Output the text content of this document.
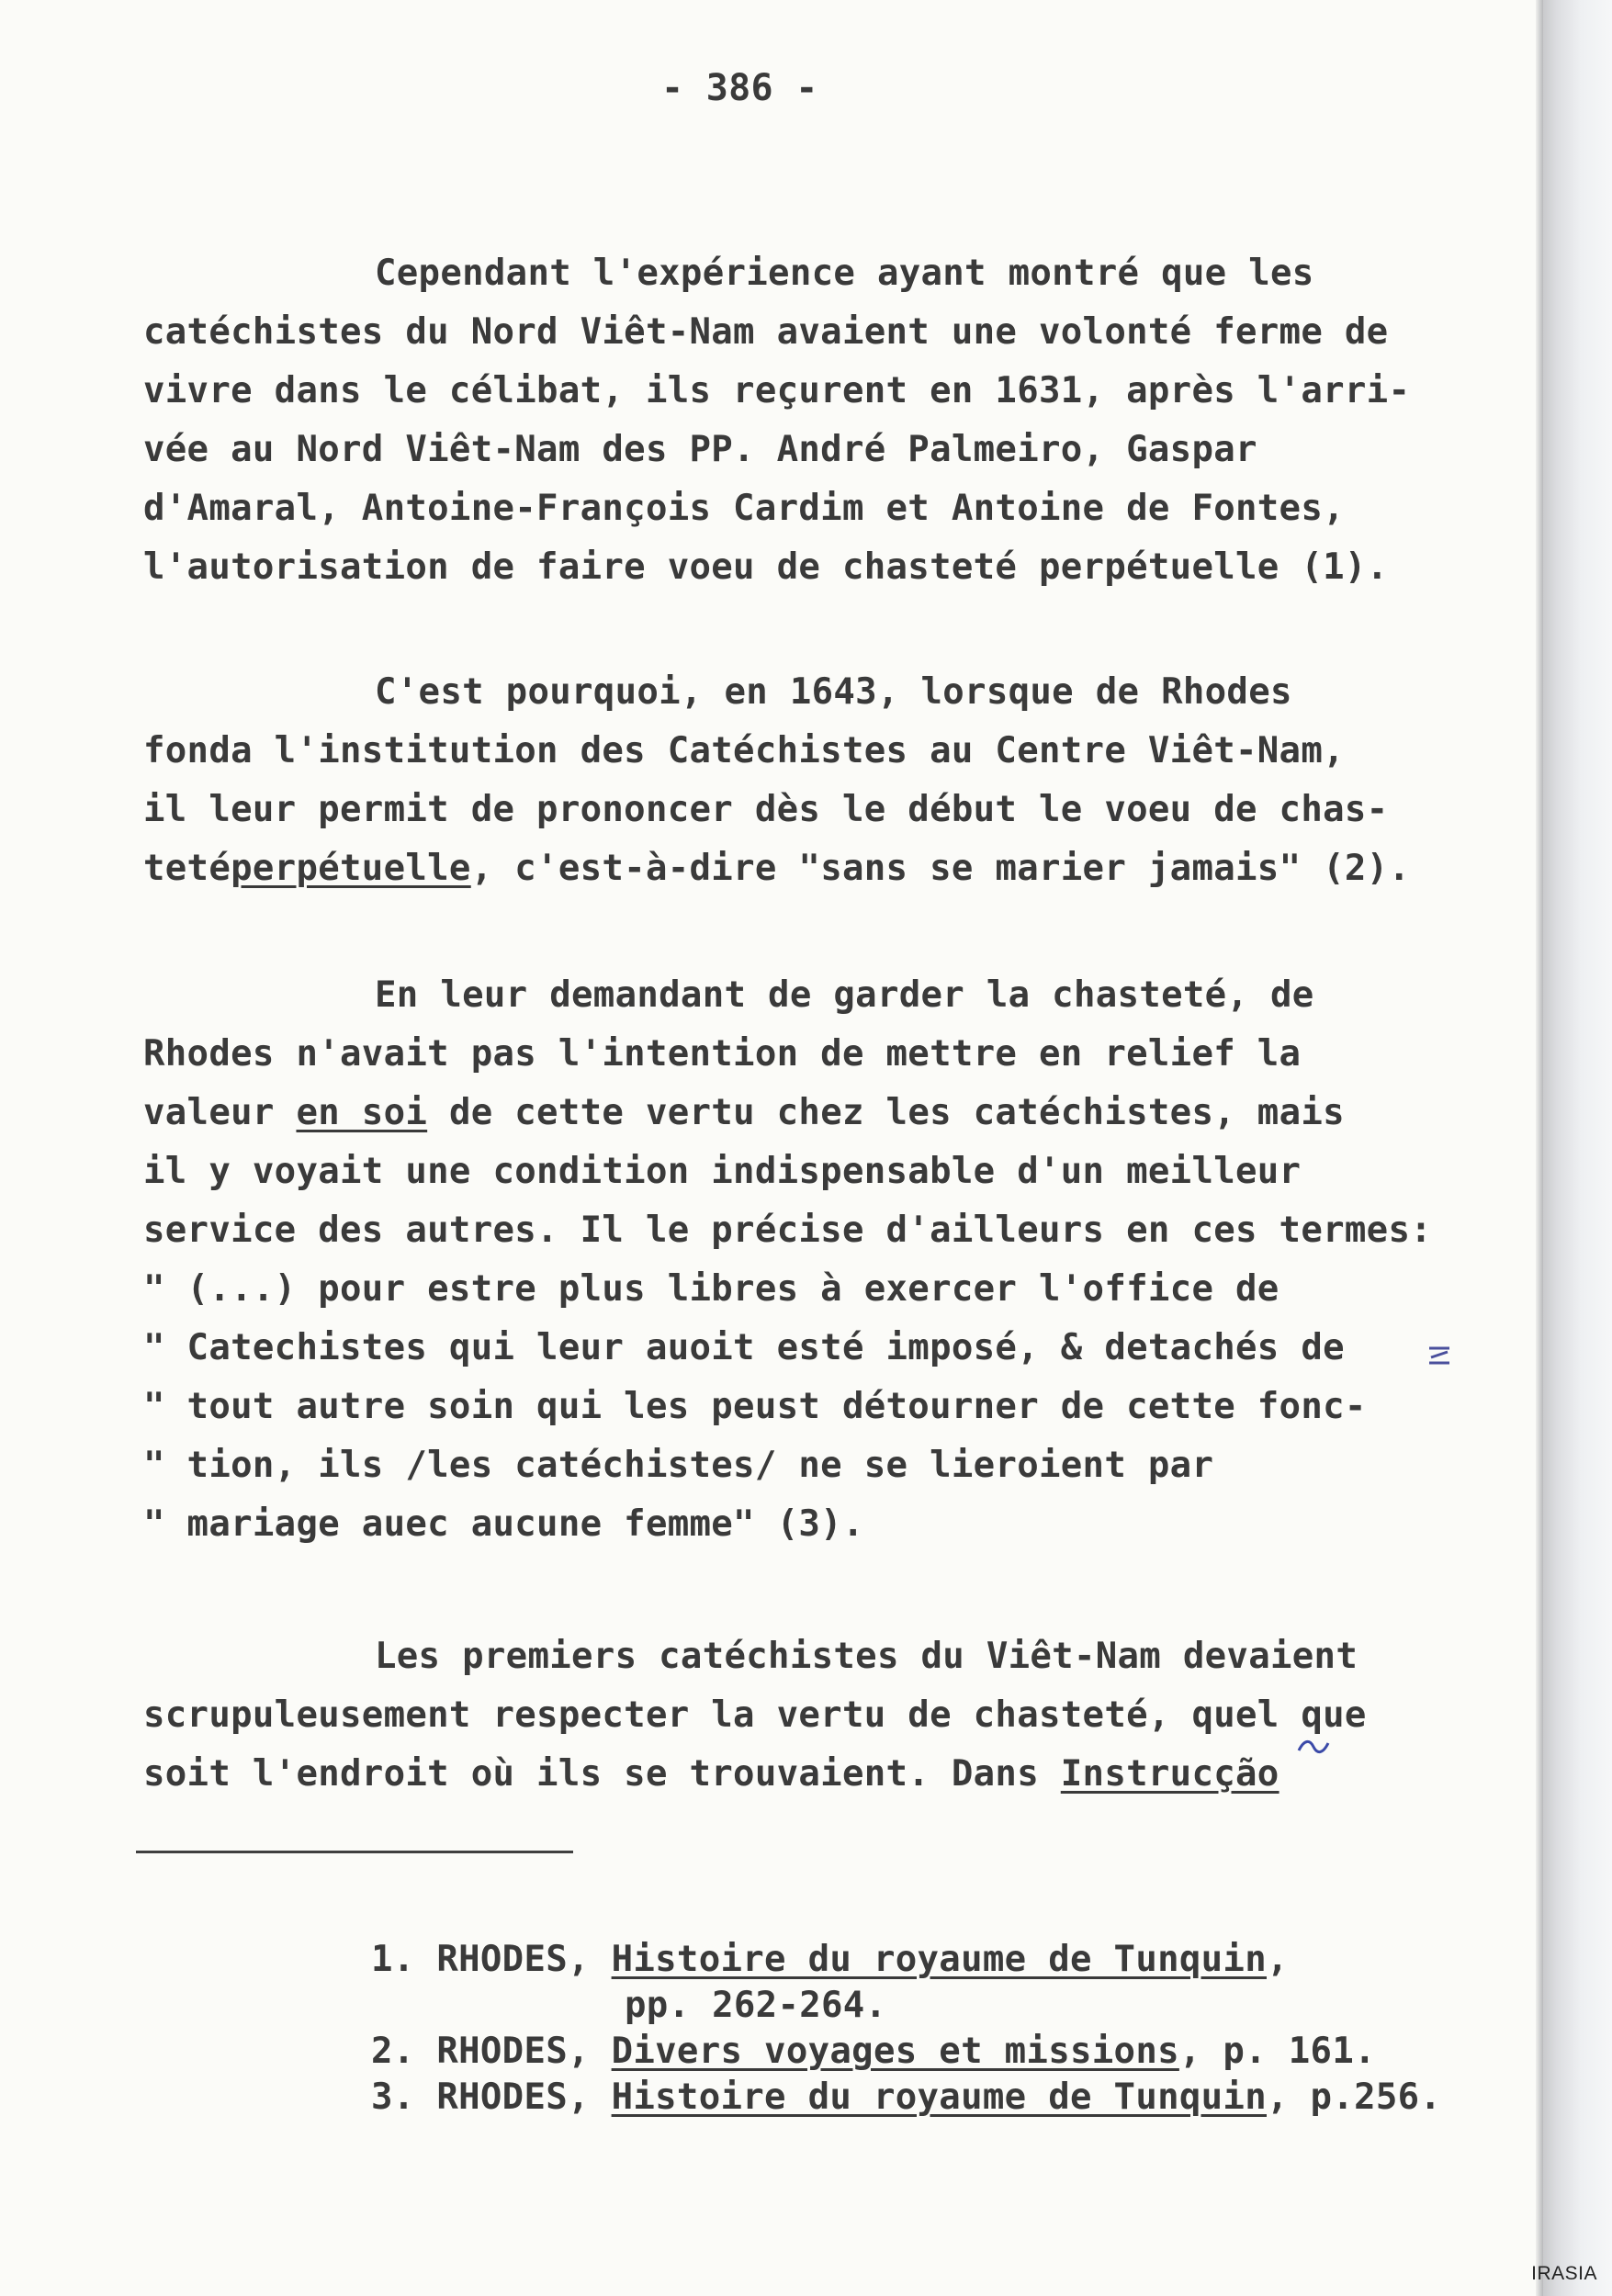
- 386 -
Cependant l'expérience ayant montré que les
catéchistes du Nord Viêt-Nam avaient une volonté ferme de
vivre dans le célibat, ils reçurent en 1631, après l'arri-
vée au Nord Viêt-Nam des PP. André Palmeiro, Gaspar
d'Amaral, Antoine-François Cardim et Antoine de Fontes,
l'autorisation de faire voeu de chasteté perpétuelle (1).
C'est pourquoi, en 1643, lorsque de Rhodes
fonda l'institution des Catéchistes au Centre Viêt-Nam,
il leur permit de prononcer dès le début le voeu de chas-
tetéperpétuelle, c'est-à-dire "sans se marier jamais" (2).
En leur demandant de garder la chasteté, de
Rhodes n'avait pas l'intention de mettre en relief la
valeur en soi de cette vertu chez les catéchistes, mais
il y voyait une condition indispensable d'un meilleur
service des autres. Il le précise d'ailleurs en ces termes:
" (...) pour estre plus libres à exercer l'office de
" Catechistes qui leur auoit esté imposé, & detachés de
" tout autre soin qui les peust détourner de cette fonc-
" tion, ils /les catéchistes/ ne se lieroient par
" mariage auec aucune femme" (3).
Les premiers catéchistes du Viêt-Nam devaient
scrupuleusement respecter la vertu de chasteté, quel que
soit l'endroit où ils se trouvaient. Dans Instrucção
1. RHODES, Histoire du royaume de Tunquin,
pp. 262-264.
2. RHODES, Divers voyages et missions, p. 161.
3. RHODES, Histoire du royaume de Tunquin, p.256.
IRASIA
